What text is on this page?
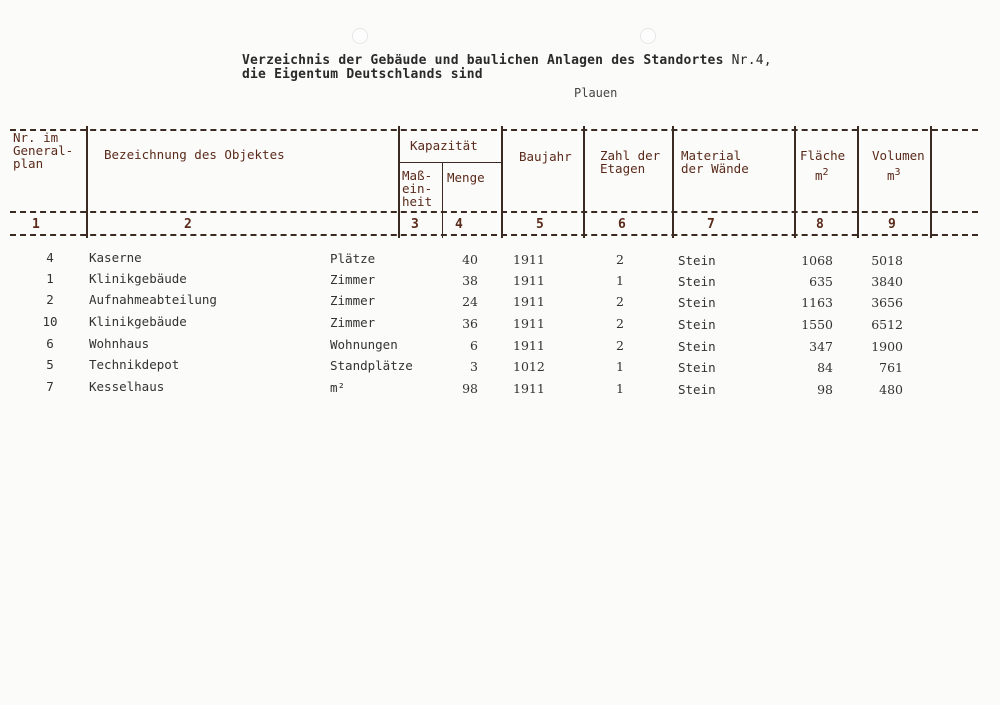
Verzeichnis der Gebäude und baulichen Anlagen des Standortes Nr.4,
die Eigentum Deutschlands sind
Plauen
Nr. im
General-
plan
Bezeichnung des Objektes
Kapazität
Maß-
ein-
heit
Menge
Baujahr Zahl der
Etagen
Material
der Wände
Fläche
$m^2$
Volumen
$m^3$
1	2	3	4	5	6	7	8	9
4	Kaserne	Plätze	40	1911	2	Stein	1068	5018
1	Klinikgebäude	Zimmer	38	1911	1	Stein	635	3840
2	Aufnahmeabteilung	Zimmer	24	1911	2	Stein	1163	3656
10	Klinikgebäude	Zimmer	36	1911	2	Stein	1550	6512
6	Wohnhaus	Wohnungen	6	1911	2	Stein	347	1900
5	Technikdepot	Standplätze	3	1012	1	Stein	84	761
7	Kesselhaus	m²	98	1911	1	Stein	98	480
